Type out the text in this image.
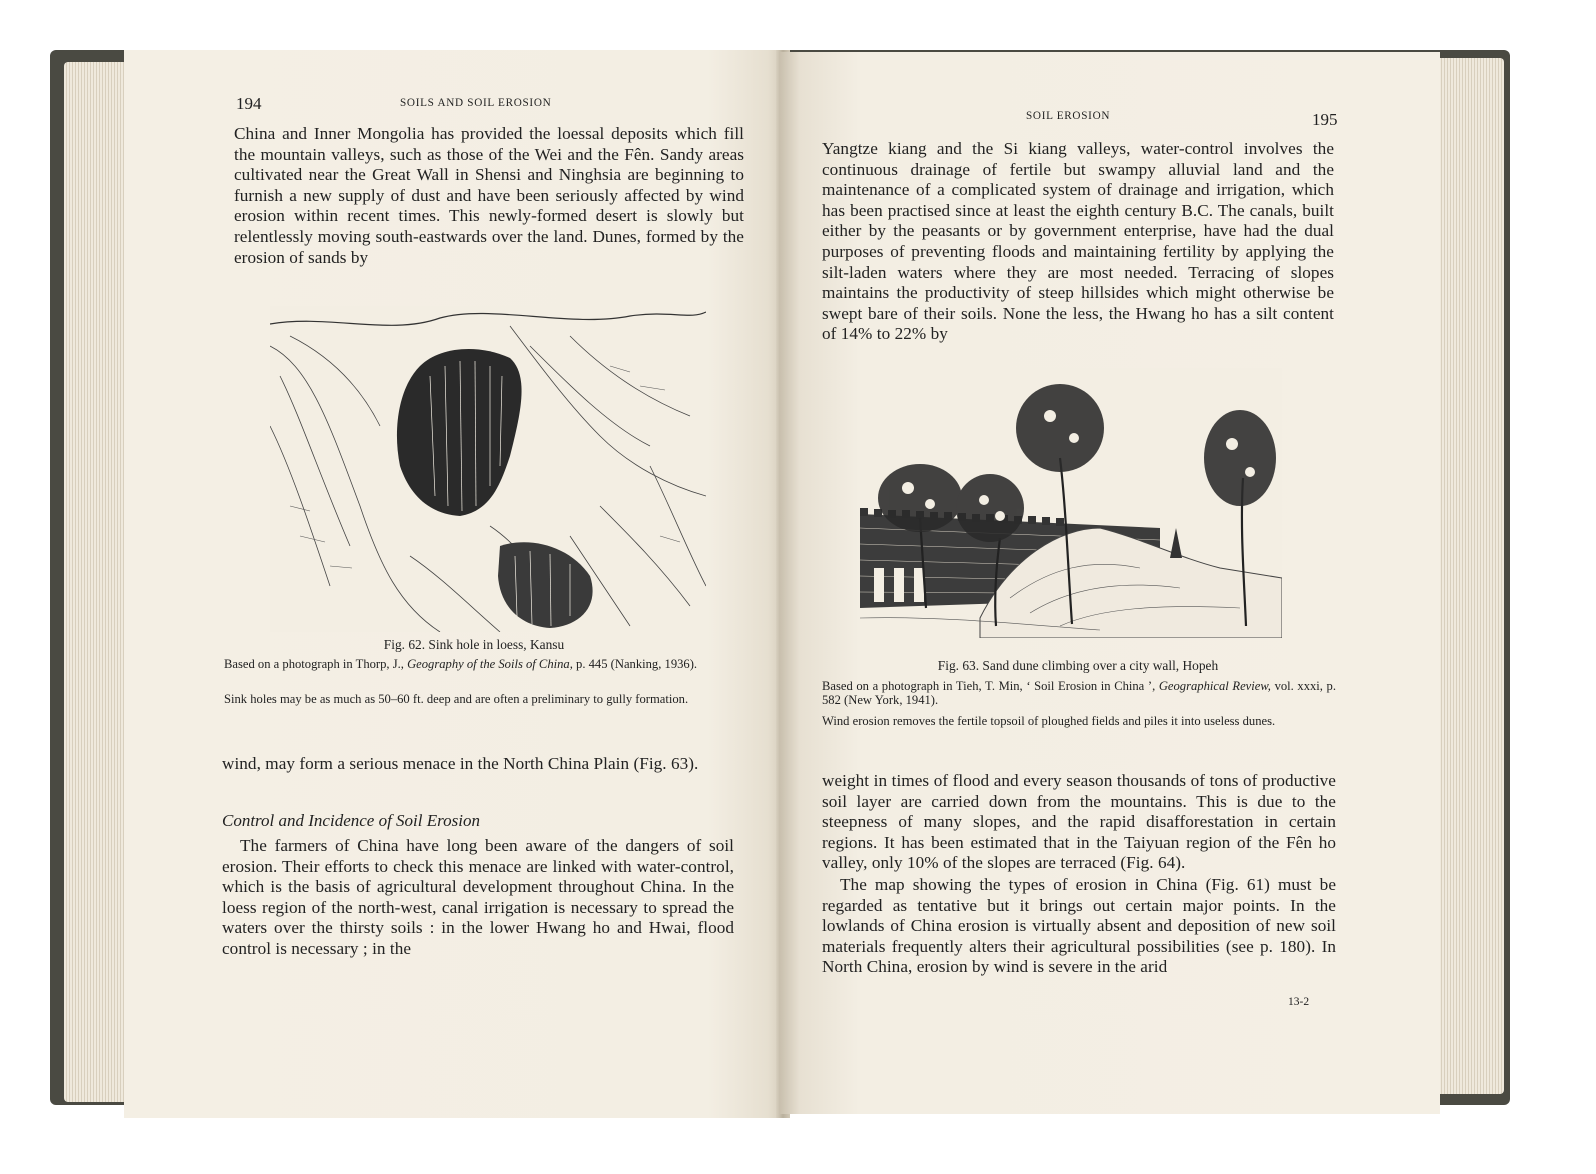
194	SOILS AND SOIL EROSION

China and Inner Mongolia has provided the loessal deposits which fill the mountain valleys, such as those of the Wei and the Fên. Sandy areas cultivated near the Great Wall in Shensi and Ninghsia are beginning to furnish a new supply of dust and have been seriously affected by wind erosion within recent times. This newly-formed desert is slowly but relentlessly moving south-eastwards over the land. Dunes, formed by the erosion of sands by

Fig. 62. Sink hole in loess, Kansu

Based on a photograph in Thorp, J., Geography of the Soils of China, p. 445 (Nanking, 1936).

Sink holes may be as much as 50–60 ft. deep and are often a preliminary to gully formation.

wind, may form a serious menace in the North China Plain (Fig. 63).

Control and Incidence of Soil Erosion

The farmers of China have long been aware of the dangers of soil erosion. Their efforts to check this menace are linked with water-control, which is the basis of agricultural development throughout China. In the loess region of the north-west, canal irrigation is necessary to spread the waters over the thirsty soils : in the lower Hwang ho and Hwai, flood control is necessary ; in the

SOIL EROSION	195

Yangtze kiang and the Si kiang valleys, water-control involves the continuous drainage of fertile but swampy alluvial land and the maintenance of a complicated system of drainage and irrigation, which has been practised since at least the eighth century B.C. The canals, built either by the peasants or by government enterprise, have had the dual purposes of preventing floods and maintaining fertility by applying the silt-laden waters where they are most needed. Terracing of slopes maintains the productivity of steep hillsides which might otherwise be swept bare of their soils. None the less, the Hwang ho has a silt content of 14% to 22% by

Fig. 63. Sand dune climbing over a city wall, Hopeh

Based on a photograph in Tieh, T. Min, ‘ Soil Erosion in China ’, Geographical Review, vol. xxxi, p. 582 (New York, 1941).

Wind erosion removes the fertile topsoil of ploughed fields and piles it into useless dunes.

weight in times of flood and every season thousands of tons of productive soil layer are carried down from the mountains. This is due to the steepness of many slopes, and the rapid disafforestation in certain regions. It has been estimated that in the Taiyuan region of the Fên ho valley, only 10% of the slopes are terraced (Fig. 64).

The map showing the types of erosion in China (Fig. 61) must be regarded as tentative but it brings out certain major points. In the lowlands of China erosion is virtually absent and deposition of new soil materials frequently alters their agricultural possibilities (see p. 180). In North China, erosion by wind is severe in the arid

13-2
